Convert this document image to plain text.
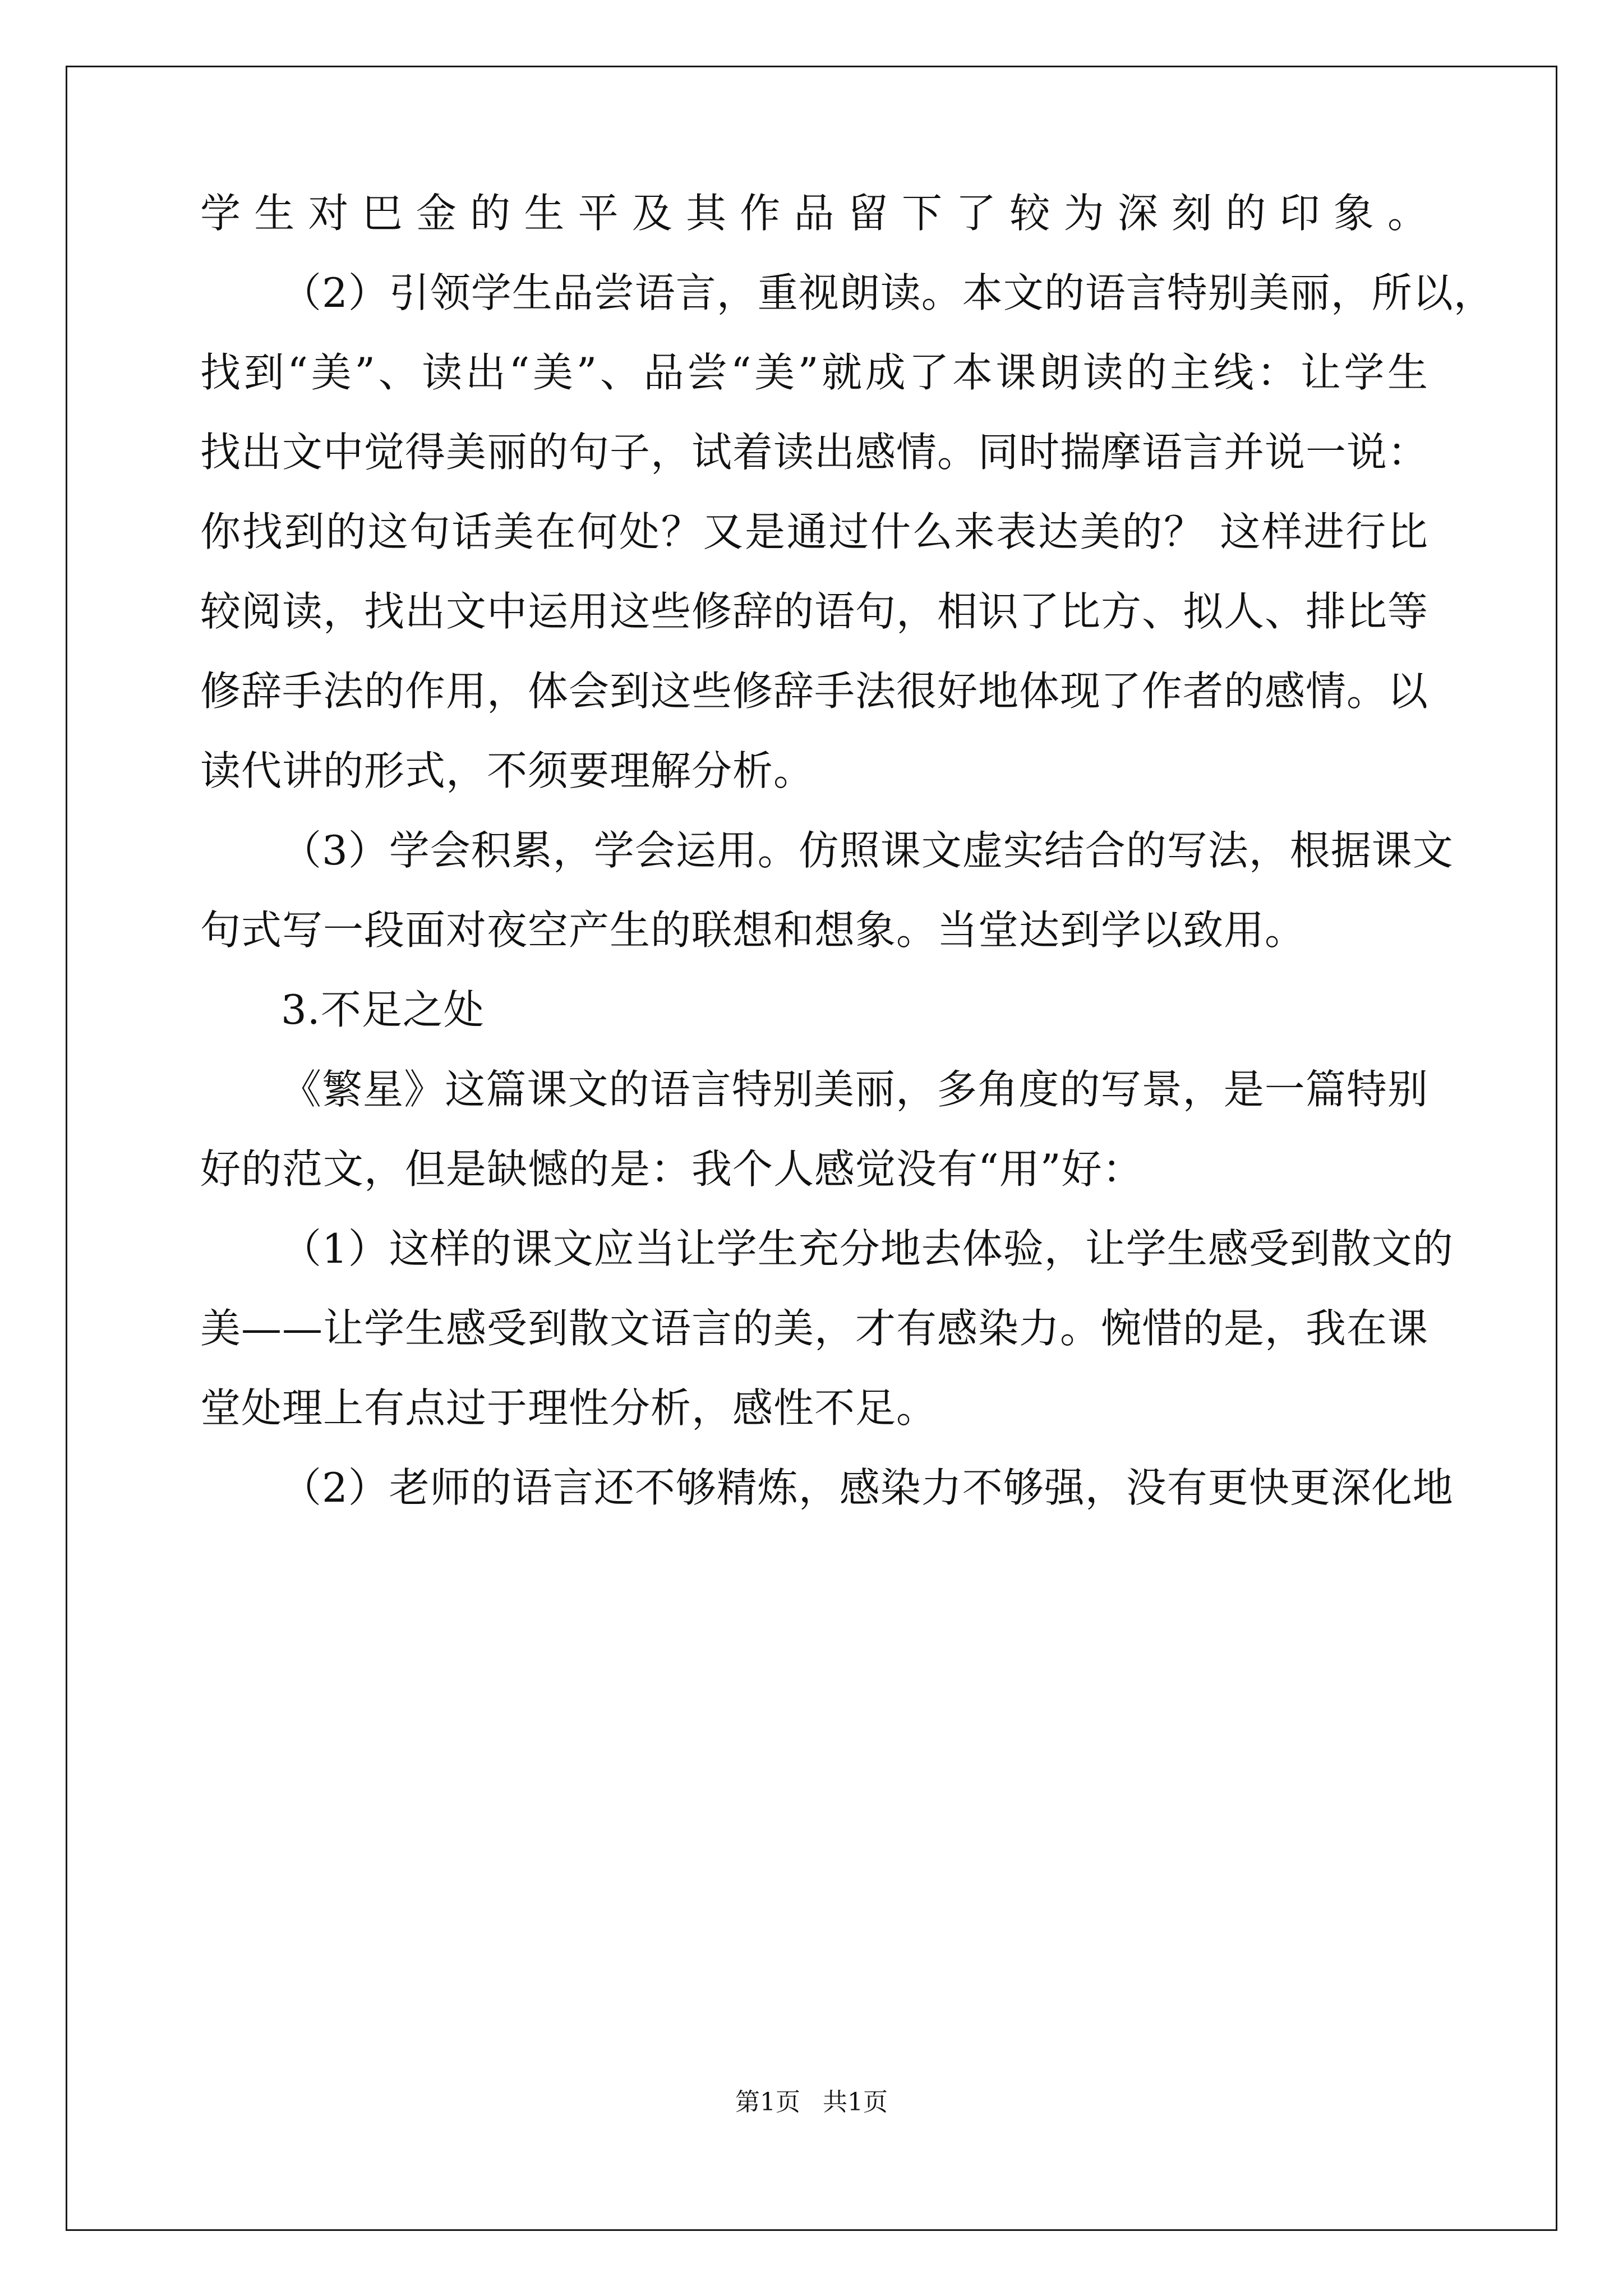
学生对巴金的生平及其作品留下了较为深刻的印象。
（2）引领学生品尝语言，重视朗读。本文的语言特别美丽，所以，
找到“美”、读出“美”、品尝“美”就成了本课朗读的主线：让学生
找出文中觉得美丽的句子，试着读出感情。同时揣摩语言并说一说：
你找到的这句话美在何处？又是通过什么来表达美的？ 这样进行比
较阅读，找出文中运用这些修辞的语句，相识了比方、拟人、排比等
修辞手法的作用，体会到这些修辞手法很好地体现了作者的感情。以
读代讲的形式，不须要理解分析。
（3）学会积累，学会运用。仿照课文虚实结合的写法，根据课文
句式写一段面对夜空产生的联想和想象。当堂达到学以致用。
3.不足之处
《繁星》这篇课文的语言特别美丽，多角度的写景，是一篇特别
好的范文，但是缺憾的是：我个人感觉没有“用”好：
（1）这样的课文应当让学生充分地去体验，让学生感受到散文的
美——让学生感受到散文语言的美，才有感染力。惋惜的是，我在课
堂处理上有点过于理性分析，感性不足。
（2）老师的语言还不够精炼，感染力不够强，没有更快更深化地
第1页 共1页
